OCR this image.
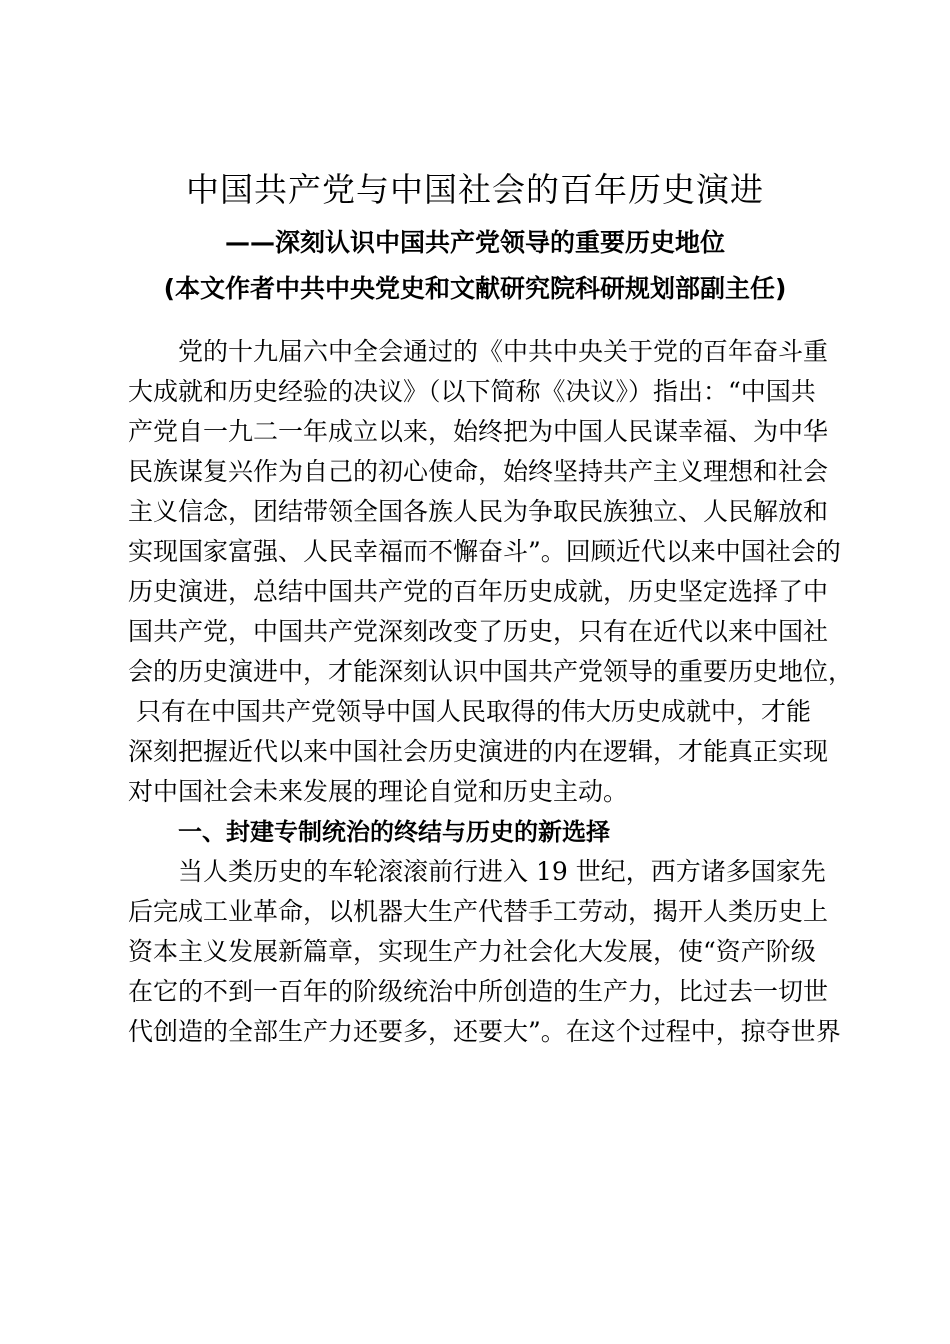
中国共产党与中国社会的百年历史演进
——深刻认识中国共产党领导的重要历史地位
(本文作者中共中央党史和文献研究院科研规划部副主任)
党的十九届六中全会通过的《中共中央关于党的百年奋斗重
大成就和历史经验的决议》（以下简称《决议》）指出：“中国共
产党自一九二一年成立以来，始终把为中国人民谋幸福、为中华
民族谋复兴作为自己的初心使命，始终坚持共产主义理想和社会
主义信念，团结带领全国各族人民为争取民族独立、人民解放和
实现国家富强、人民幸福而不懈奋斗”。回顾近代以来中国社会的
历史演进，总结中国共产党的百年历史成就，历史坚定选择了中
国共产党，中国共产党深刻改变了历史，只有在近代以来中国社
会的历史演进中，才能深刻认识中国共产党领导的重要历史地位，
只有在中国共产党领导中国人民取得的伟大历史成就中，才能
深刻把握近代以来中国社会历史演进的内在逻辑，才能真正实现
对中国社会未来发展的理论自觉和历史主动。
一、封建专制统治的终结与历史的新选择
当人类历史的车轮滚滚前行进入 19 世纪，西方诸多国家先
后完成工业革命，以机器大生产代替手工劳动，揭开人类历史上
资本主义发展新篇章，实现生产力社会化大发展，使“资产阶级
在它的不到一百年的阶级统治中所创造的生产力，比过去一切世
代创造的全部生产力还要多，还要大”。在这个过程中，掠夺世界
